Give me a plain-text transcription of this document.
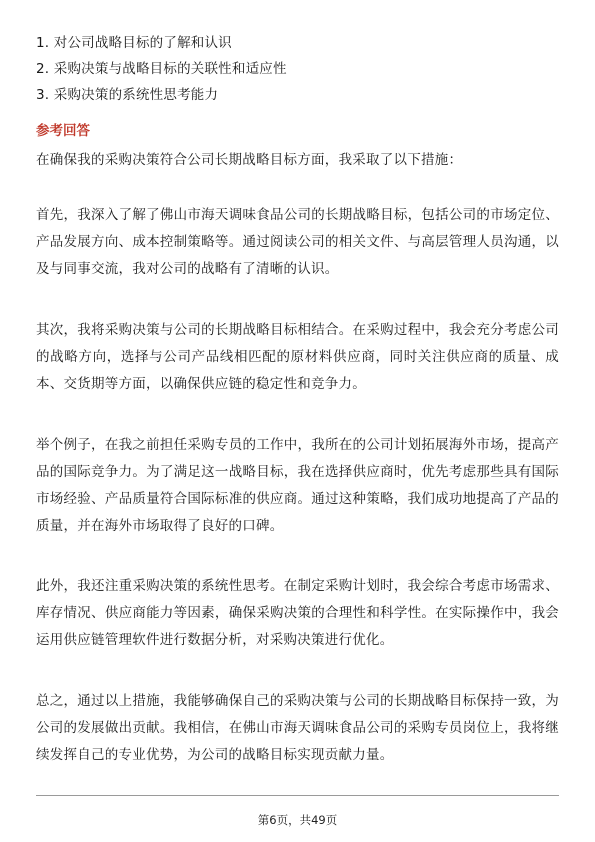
1. 对公司战略目标的了解和认识
2. 采购决策与战略目标的关联性和适应性
3. 采购决策的系统性思考能力
参考回答
在确保我的采购决策符合公司长期战略目标方面，我采取了以下措施：
首先，我深入了解了佛山市海天调味食品公司的长期战略目标，包括公司的市场定位、产品发展方向、成本控制策略等。通过阅读公司的相关文件、与高层管理人员沟通，以及与同事交流，我对公司的战略有了清晰的认识。
其次，我将采购决策与公司的长期战略目标相结合。在采购过程中，我会充分考虑公司的战略方向，选择与公司产品线相匹配的原材料供应商，同时关注供应商的质量、成本、交货期等方面，以确保供应链的稳定性和竞争力。
举个例子，在我之前担任采购专员的工作中，我所在的公司计划拓展海外市场，提高产品的国际竞争力。为了满足这一战略目标，我在选择供应商时，优先考虑那些具有国际市场经验、产品质量符合国际标准的供应商。通过这种策略，我们成功地提高了产品的质量，并在海外市场取得了良好的口碑。
此外，我还注重采购决策的系统性思考。在制定采购计划时，我会综合考虑市场需求、库存情况、供应商能力等因素，确保采购决策的合理性和科学性。在实际操作中，我会运用供应链管理软件进行数据分析，对采购决策进行优化。
总之，通过以上措施，我能够确保自己的采购决策与公司的长期战略目标保持一致，为公司的发展做出贡献。我相信，在佛山市海天调味食品公司的采购专员岗位上，我将继续发挥自己的专业优势，为公司的战略目标实现贡献力量。
第6页，共49页
